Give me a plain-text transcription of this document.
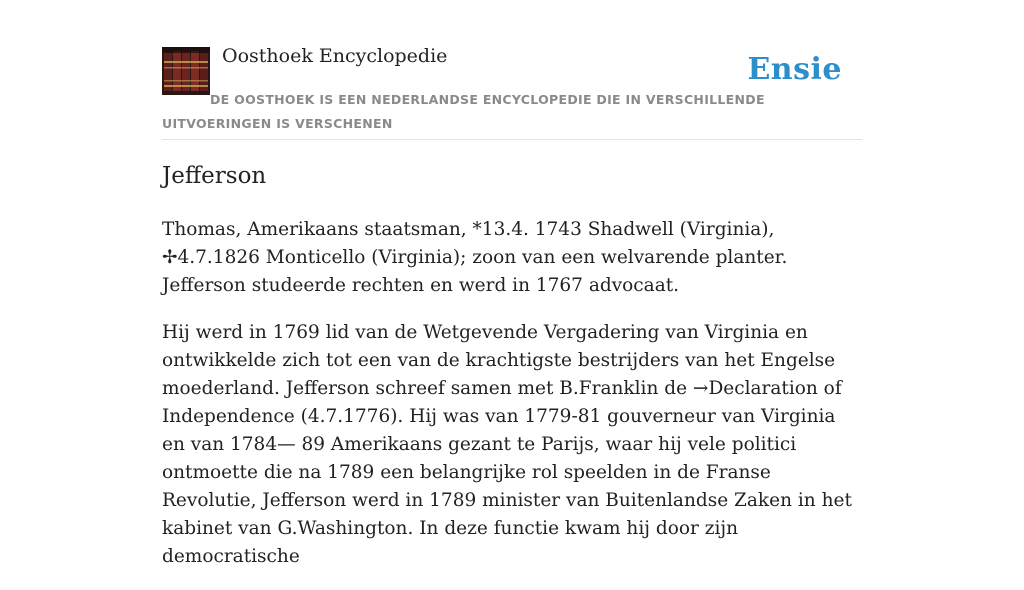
Oosthoek Encyclopedie	Ensie
DE OOSTHOEK IS EEN NEDERLANDSE ENCYCLOPEDIE DIE IN VERSCHILLENDE UITVOERINGEN IS VERSCHENEN
Jefferson

Thomas, Amerikaans staatsman, *13.4. 1743 Shadwell (Virginia), ✢4.7.1826 Monticello (Virginia); zoon van een welvarende planter. Jefferson studeerde rechten en werd in 1767 advocaat.

Hij werd in 1769 lid van de Wetgevende Vergadering van Virginia en ontwikkelde zich tot een van de krachtigste bestrijders van het Engelse moederland. Jefferson schreef samen met B.Franklin de →Declaration of Independence (4.7.1776). Hij was van 1779-81 gouverneur van Virginia en van 1784— 89 Amerikaans gezant te Parijs, waar hij vele politici ontmoette die na 1789 een belangrijke rol speelden in de Franse Revolutie, Jefferson werd in 1789 minister van Buitenlandse Zaken in het kabinet van G.Washington. In deze functie kwam hij door zijn democratische
